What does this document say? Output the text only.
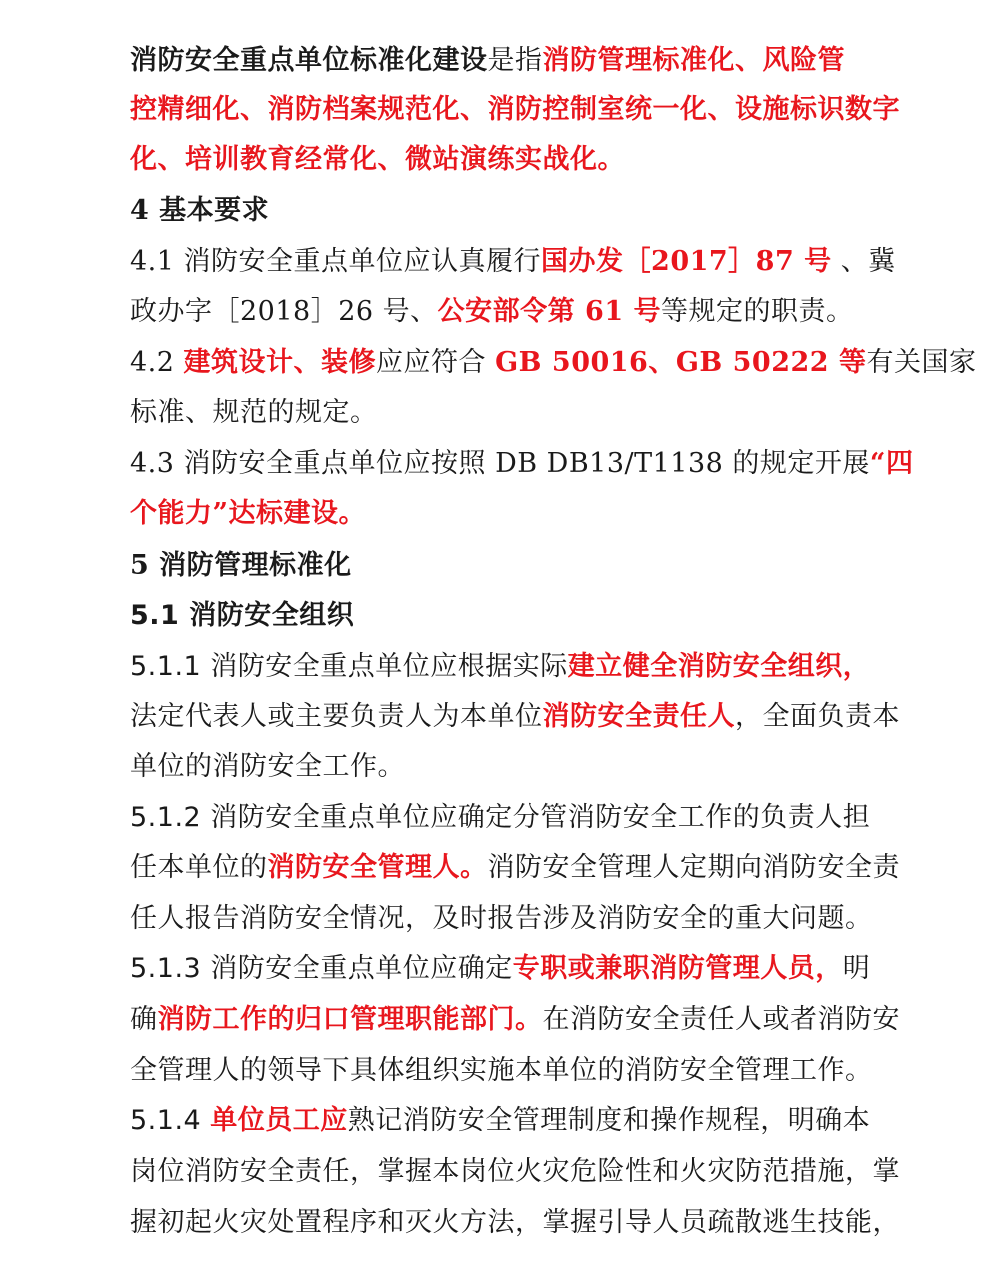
消防安全重点单位标准化建设是指消防管理标准化、风险管
控精细化、消防档案规范化、消防控制室统一化、设施标识数字
化、培训教育经常化、微站演练实战化。
4 基本要求
4.1 消防安全重点单位应认真履行国办发［2017］87 号 、冀
政办字［2018］26 号、公安部令第 61 号等规定的职责。
4.2 建筑设计、装修应应符合 GB 50016、GB 50222 等有关国家
标准、规范的规定。
4.3 消防安全重点单位应按照 DB DB13/T1138 的规定开展“四
个能力”达标建设。
5 消防管理标准化
5.1 消防安全组织
5.1.1 消防安全重点单位应根据实际建立健全消防安全组织，
法定代表人或主要负责人为本单位消防安全责任人，全面负责本
单位的消防安全工作。
5.1.2 消防安全重点单位应确定分管消防安全工作的负责人担
任本单位的消防安全管理人。消防安全管理人定期向消防安全责
任人报告消防安全情况，及时报告涉及消防安全的重大问题。
5.1.3 消防安全重点单位应确定专职或兼职消防管理人员，明
确消防工作的归口管理职能部门。在消防安全责任人或者消防安
全管理人的领导下具体组织实施本单位的消防安全管理工作。
5.1.4 单位员工应熟记消防安全管理制度和操作规程，明确本
岗位消防安全责任，掌握本岗位火灾危险性和火灾防范措施，掌
握初起火灾处置程序和灭火方法，掌握引导人员疏散逃生技能，
